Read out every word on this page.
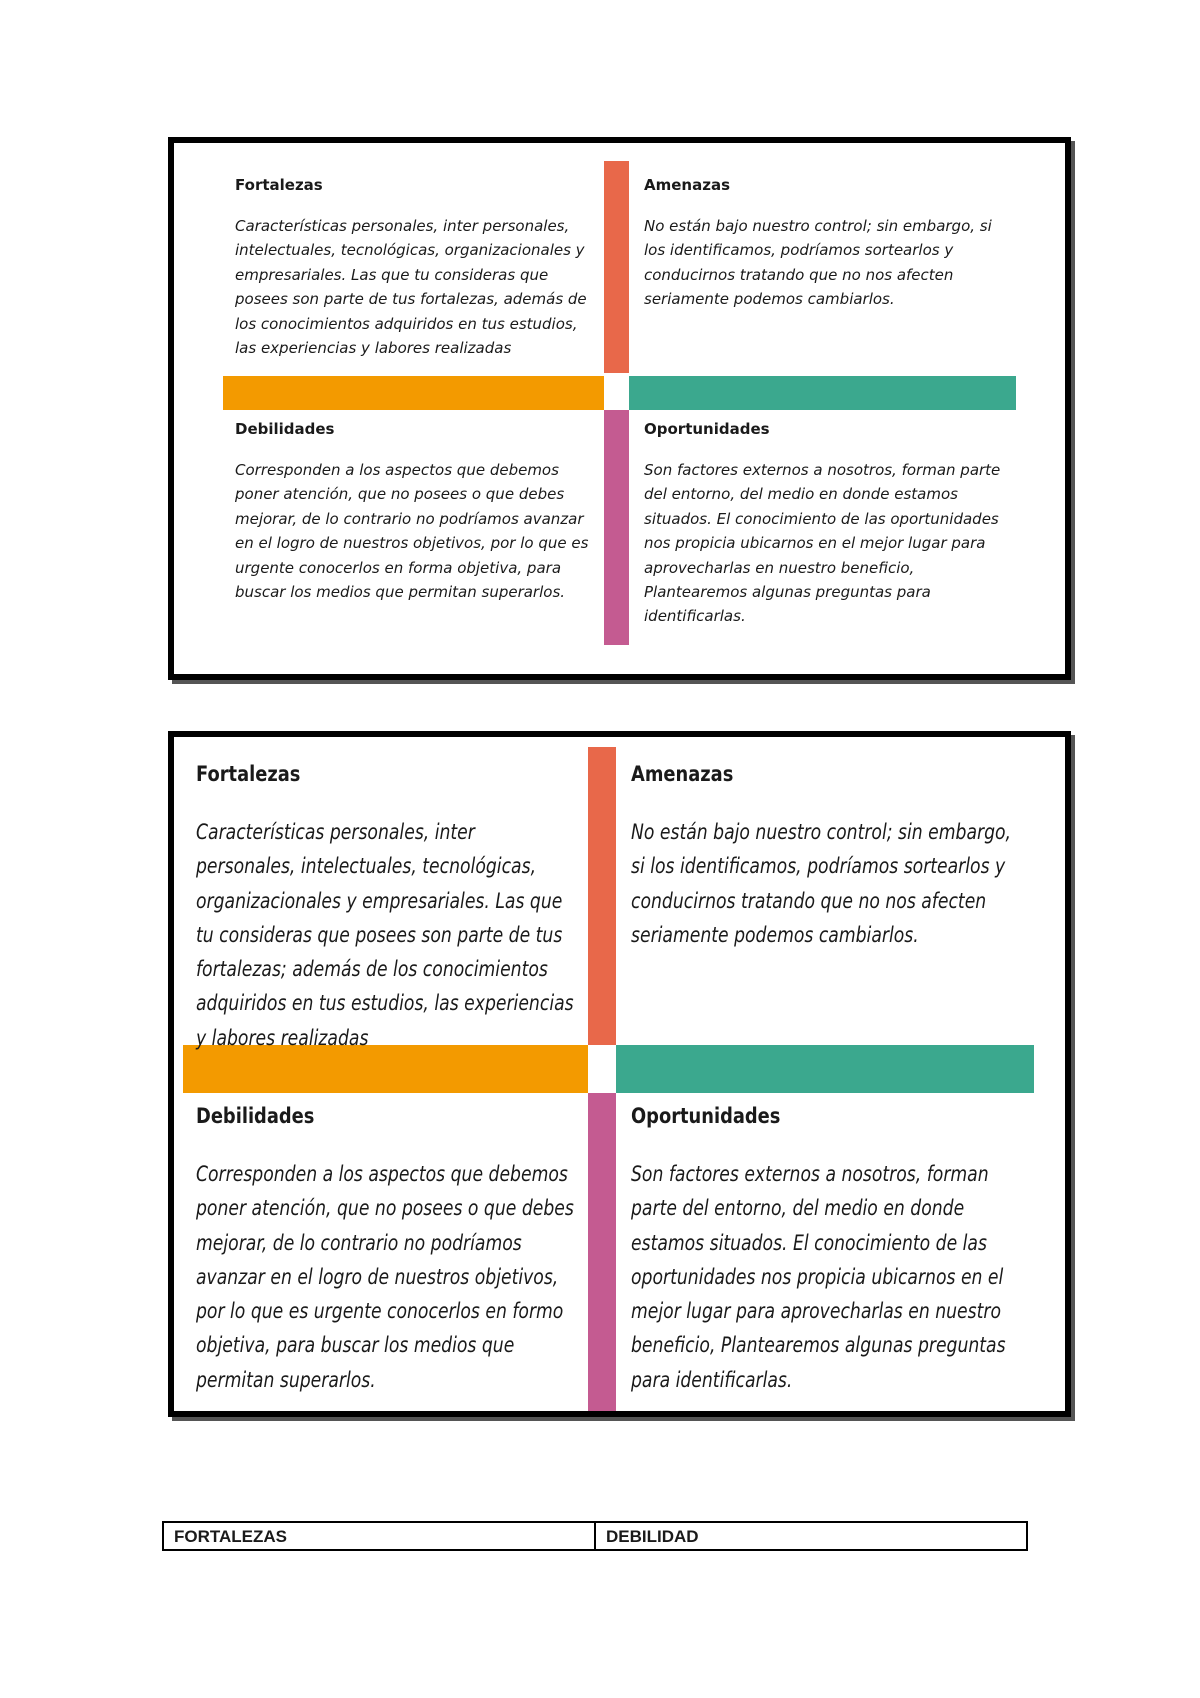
Fortalezas

Características personales, inter personales, intelectuales, tecnológicas, organizacionales y empresariales. Las que tu consideras que posees son parte de tus fortalezas, además de los conocimientos adquiridos en tus estudios, las experiencias y labores realizadas

Amenazas

No están bajo nuestro control; sin embargo, si los identificamos, podríamos sortearlos y conducirnos tratando que no nos afecten seriamente podemos cambiarlos.

Debilidades

Corresponden a los aspectos que debemos poner atención, que no posees o que debes mejorar, de lo contrario no podríamos avanzar en el logro de nuestros objetivos, por lo que es urgente conocerlos en forma objetiva, para buscar los medios que permitan superarlos.

Oportunidades

Son factores externos a nosotros, forman parte del entorno, del medio en donde estamos situados. El conocimiento de las oportunidades nos propicia ubicarnos en el mejor lugar para aprovecharlas en nuestro beneficio, Plantearemos algunas preguntas para identificarlas.

Fortalezas

Características personales, inter personales, intelectuales, tecnológicas, organizacionales y empresariales. Las que tu consideras que posees son parte de tus fortalezas; además de los conocimientos adquiridos en tus estudios, las experiencias y labores realizadas

Amenazas

No están bajo nuestro control; sin embargo, si los identificamos, podríamos sortearlos y conducirnos tratando que no nos afecten seriamente podemos cambiarlos.

Debilidades

Corresponden a los aspectos que debemos poner atención, que no posees o que debes mejorar, de lo contrario no podríamos avanzar en el logro de nuestros objetivos, por lo que es urgente conocerlos en formo objetiva, para buscar los medios que permitan superarlos.

Oportunidades

Son factores externos a nosotros, forman parte del entorno, del medio en donde estamos situados. El conocimiento de las oportunidades nos propicia ubicarnos en el mejor lugar para aprovecharlas en nuestro beneficio, Plantearemos algunas preguntas para identificarlas.

FORTALEZAS	DEBILIDAD
